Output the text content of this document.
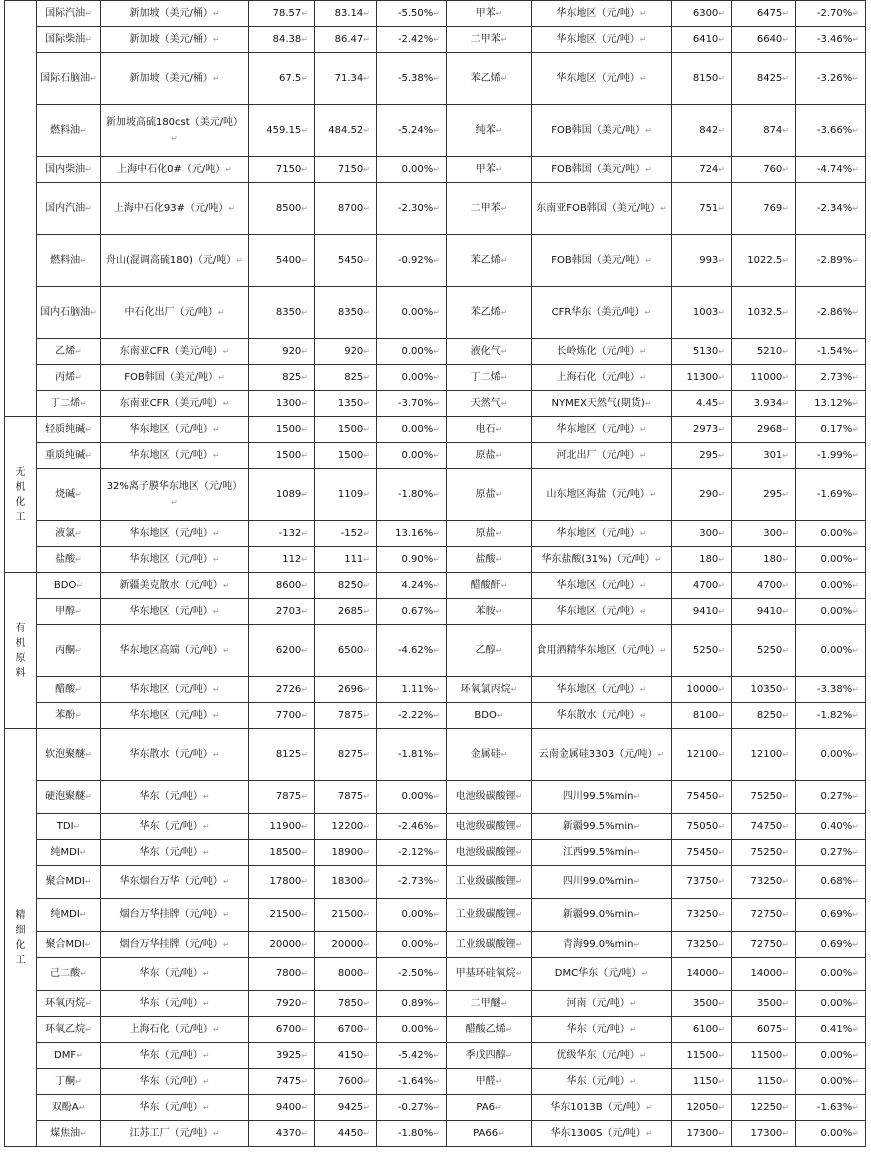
	国际汽油↵	新加坡（美元/桶）↵	78.57↵	83.14↵	-5.50%↵	甲苯↵	华东地区（元/吨）↵	6300↵	6475↵	-2.70%↵
	国际柴油↵	新加坡（美元/桶）↵	84.38↵	86.47↵	-2.42%↵	二甲苯↵	华东地区（元/吨）↵	6410↵	6640↵	-3.46%↵
	国际石脑油↵	新加坡（美元/桶）↵	67.5↵	71.34↵	-5.38%↵	苯乙烯↵	华东地区（元/吨）↵	8150↵	8425↵	-3.26%↵
	燃料油↵	新加坡高硫180cst（美元/吨）↵	459.15↵	484.52↵	-5.24%↵	纯苯↵	FOB韩国（美元/吨）↵	842↵	874↵	-3.66%↵
	国内柴油↵	上海中石化0#（元/吨）↵	7150↵	7150↵	0.00%↵	甲苯↵	FOB韩国（美元/吨）↵	724↵	760↵	-4.74%↵
	国内汽油↵	上海中石化93#（元/吨）↵	8500↵	8700↵	-2.30%↵	二甲苯↵	东南亚FOB韩国（美元/吨）↵	751↵	769↵	-2.34%↵
	燃料油↵	舟山(混调高硫180)（元/吨）↵	5400↵	5450↵	-0.92%↵	苯乙烯↵	FOB韩国（美元/吨）↵	993↵	1022.5↵	-2.89%↵
	国内石脑油↵	中石化出厂（元/吨）↵	8350↵	8350↵	0.00%↵	苯乙烯↵	CFR华东（美元/吨）↵	1003↵	1032.5↵	-2.86%↵
	乙烯↵	东南亚CFR（美元/吨）↵	920↵	920↵	0.00%↵	液化气↵	长岭炼化（元/吨）↵	5130↵	5210↵	-1.54%↵
	丙烯↵	FOB韩国（美元/吨）↵	825↵	825↵	0.00%↵	丁二烯↵	上海石化（元/吨）↵	11300↵	11000↵	2.73%↵
	丁二烯↵	东南亚CFR（美元/吨）↵	1300↵	1350↵	-3.70%↵	天然气↵	NYMEX天然气(期货)↵	4.45↵	3.934↵	13.12%↵
无机化工	轻质纯碱↵	华东地区（元/吨）↵	1500↵	1500↵	0.00%↵	电石↵	华东地区（元/吨）↵	2973↵	2968↵	0.17%↵
	重质纯碱↵	华东地区（元/吨）↵	1500↵	1500↵	0.00%↵	原盐↵	河北出厂（元/吨）↵	295↵	301↵	-1.99%↵
	烧碱↵	32%离子膜华东地区（元/吨）↵	1089↵	1109↵	-1.80%↵	原盐↵	山东地区海盐（元/吨）↵	290↵	295↵	-1.69%↵
	液氯↵	华东地区（元/吨）↵	-132↵	-152↵	13.16%↵	原盐↵	华东地区（元/吨）↵	300↵	300↵	0.00%↵
	盐酸↵	华东地区（元/吨）↵	112↵	111↵	0.90%↵	盐酸↵	华东盐酸(31%)（元/吨）↵	180↵	180↵	0.00%↵
有机原料	BDO↵	新疆美克散水（元/吨）↵	8600↵	8250↵	4.24%↵	醋酸酐↵	华东地区（元/吨）↵	4700↵	4700↵	0.00%↵
	甲醇↵	华东地区（元/吨）↵	2703↵	2685↵	0.67%↵	苯胺↵	华东地区（元/吨）↵	9410↵	9410↵	0.00%↵
	丙酮↵	华东地区高端（元/吨）↵	6200↵	6500↵	-4.62%↵	乙醇↵	食用酒精华东地区（元/吨）↵	5250↵	5250↵	0.00%↵
	醋酸↵	华东地区（元/吨）↵	2726↵	2696↵	1.11%↵	环氧氯丙烷↵	华东地区（元/吨）↵	10000↵	10350↵	-3.38%↵
	苯酚↵	华东地区（元/吨）↵	7700↵	7875↵	-2.22%↵	BDO↵	华东散水（元/吨）↵	8100↵	8250↵	-1.82%↵
精细化工	软泡聚醚↵	华东散水（元/吨）↵	8125↵	8275↵	-1.81%↵	金属硅↵	云南金属硅3303（元/吨）↵	12100↵	12100↵	0.00%↵
	硬泡聚醚↵	华东（元/吨）↵	7875↵	7875↵	0.00%↵	电池级碳酸锂↵	四川99.5%min↵	75450↵	75250↵	0.27%↵
	TDI↵	华东（元/吨）↵	11900↵	12200↵	-2.46%↵	电池级碳酸锂↵	新疆99.5%min↵	75050↵	74750↵	0.40%↵
	纯MDI↵	华东（元/吨）↵	18500↵	18900↵	-2.12%↵	电池级碳酸锂↵	江西99.5%min↵	75450↵	75250↵	0.27%↵
	聚合MDI↵	华东烟台万华（元/吨）↵	17800↵	18300↵	-2.73%↵	工业级碳酸锂↵	四川99.0%min↵	73750↵	73250↵	0.68%↵
	纯MDI↵	烟台万华挂牌（元/吨）↵	21500↵	21500↵	0.00%↵	工业级碳酸锂↵	新疆99.0%min↵	73250↵	72750↵	0.69%↵
	聚合MDI↵	烟台万华挂牌（元/吨）↵	20000↵	20000↵	0.00%↵	工业级碳酸锂↵	青海99.0%min↵	73250↵	72750↵	0.69%↵
	己二酸↵	华东（元/吨）↵	7800↵	8000↵	-2.50%↵	甲基环硅氧烷↵	DMC华东（元/吨）↵	14000↵	14000↵	0.00%↵
	环氧丙烷↵	华东（元/吨）↵	7920↵	7850↵	0.89%↵	二甲醚↵	河南（元/吨）↵	3500↵	3500↵	0.00%↵
	环氧乙烷↵	上海石化（元/吨）↵	6700↵	6700↵	0.00%↵	醋酸乙烯↵	华东（元/吨）↵	6100↵	6075↵	0.41%↵
	DMF↵	华东（元/吨）↵	3925↵	4150↵	-5.42%↵	季戊四醇↵	优级华东（元/吨）↵	11500↵	11500↵	0.00%↵
	丁酮↵	华东（元/吨）↵	7475↵	7600↵	-1.64%↵	甲醛↵	华东（元/吨）↵	1150↵	1150↵	0.00%↵
	双酚A↵	华东（元/吨）↵	9400↵	9425↵	-0.27%↵	PA6↵	华东1013B（元/吨）↵	12050↵	12250↵	-1.63%↵
	煤焦油↵	江苏工厂（元/吨）↵	4370↵	4450↵	-1.80%↵	PA66↵	华东1300S（元/吨）↵	17300↵	17300↵	0.00%↵
